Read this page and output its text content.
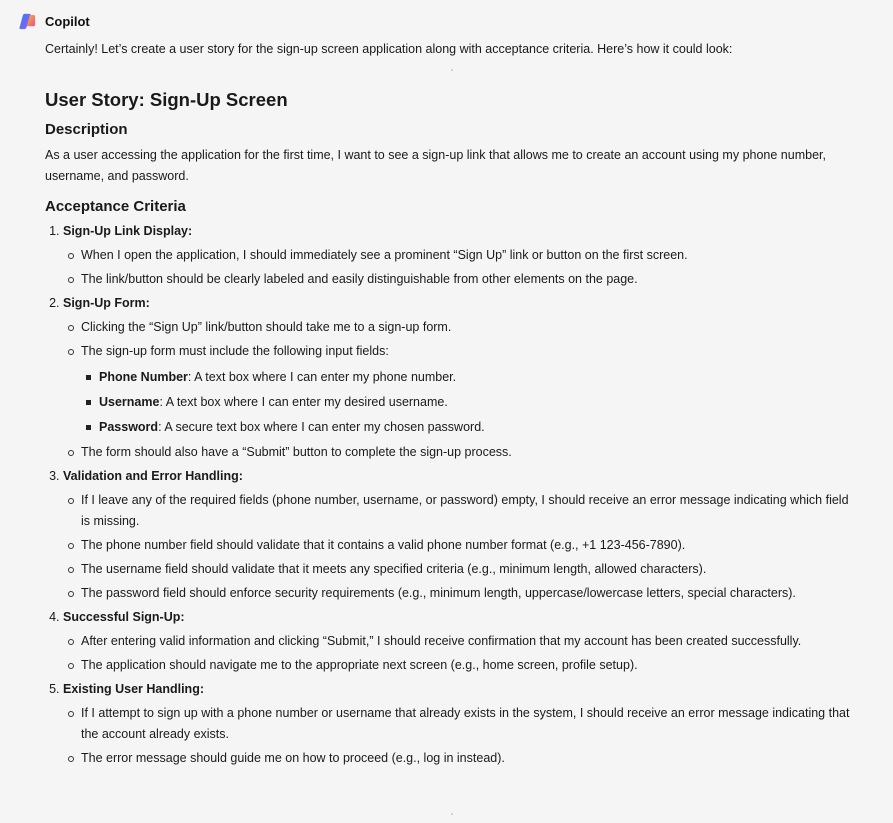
Copilot

Certainly! Let’s create a user story for the sign-up screen application along with acceptance criteria. Here’s how it could look:

User Story: Sign-Up Screen
Description

As a user accessing the application for the first time, I want to see a sign-up link that allows me to create an account using my phone number, username, and password.

Acceptance Criteria
1. Sign-Up Link Display:
When I open the application, I should immediately see a prominent “Sign Up” link or button on the first screen.
The link/button should be clearly labeled and easily distinguishable from other elements on the page.
2. Sign-Up Form:
Clicking the “Sign Up” link/button should take me to a sign-up form.
The sign-up form must include the following input fields:
Phone Number: A text box where I can enter my phone number.
Username: A text box where I can enter my desired username.
Password: A secure text box where I can enter my chosen password.
The form should also have a “Submit” button to complete the sign-up process.
3. Validation and Error Handling:
If I leave any of the required fields (phone number, username, or password) empty, I should receive an error message indicating which field is missing.
The phone number field should validate that it contains a valid phone number format (e.g., +1 123-456-7890).
The username field should validate that it meets any specified criteria (e.g., minimum length, allowed characters).
The password field should enforce security requirements (e.g., minimum length, uppercase/lowercase letters, special characters).
4. Successful Sign-Up:
After entering valid information and clicking “Submit,” I should receive confirmation that my account has been created successfully.
The application should navigate me to the appropriate next screen (e.g., home screen, profile setup).
5. Existing User Handling:
If I attempt to sign up with a phone number or username that already exists in the system, I should receive an error message indicating that the account already exists.
The error message should guide me on how to proceed (e.g., log in instead).
